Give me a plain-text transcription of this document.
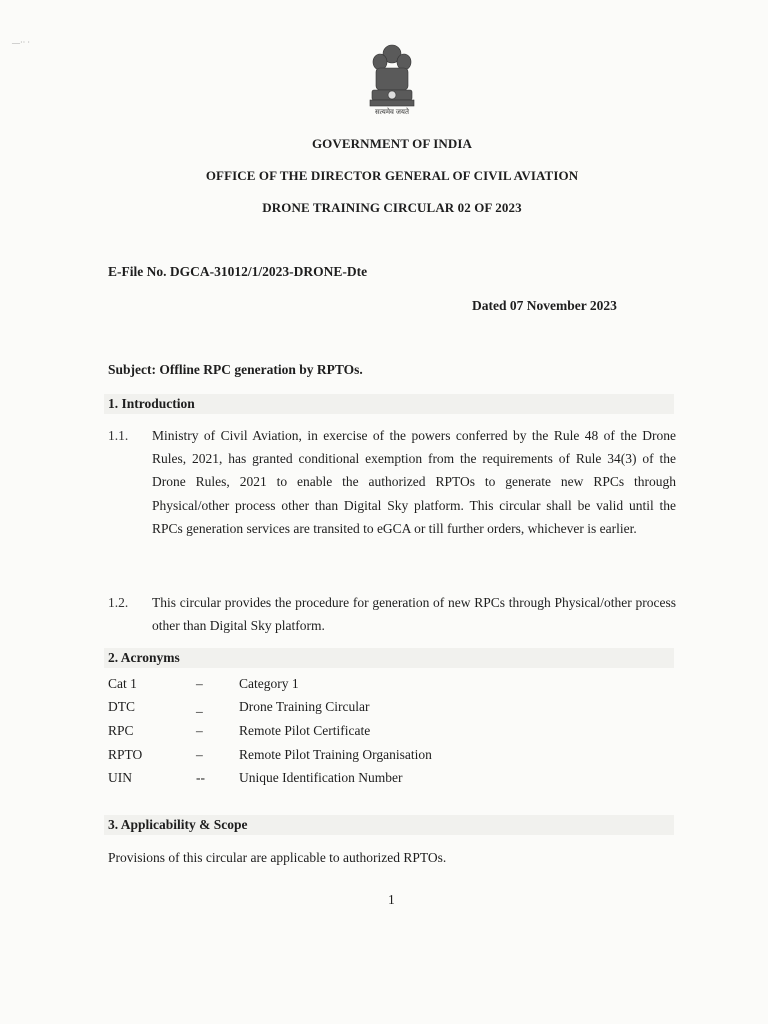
—·· ·
सत्यमेव जयते
GOVERNMENT OF INDIA
OFFICE OF THE DIRECTOR GENERAL OF CIVIL AVIATION
DRONE TRAINING CIRCULAR 02 OF 2023
E-File No. DGCA-31012/1/2023-DRONE-Dte
Dated 07 November 2023
Subject: Offline RPC generation by RPTOs.
1. Introduction
1.1. Ministry of Civil Aviation, in exercise of the powers conferred by the Rule 48 of the Drone Rules, 2021, has granted conditional exemption from the requirements of Rule 34(3) of the Drone Rules, 2021 to enable the authorized RPTOs to generate new RPCs through Physical/other process other than Digital Sky platform. This circular shall be valid until the RPCs generation services are transited to eGCA or till further orders, whichever is earlier.
1.2. This circular provides the procedure for generation of new RPCs through Physical/other process other than Digital Sky platform.
2. Acronyms
Cat 1	–	Category 1
DTC	_	Drone Training Circular
RPC	–	Remote Pilot Certificate
RPTO	–	Remote Pilot Training Organisation
UIN	--	Unique Identification Number
3. Applicability & Scope
Provisions of this circular are applicable to authorized RPTOs.
1
